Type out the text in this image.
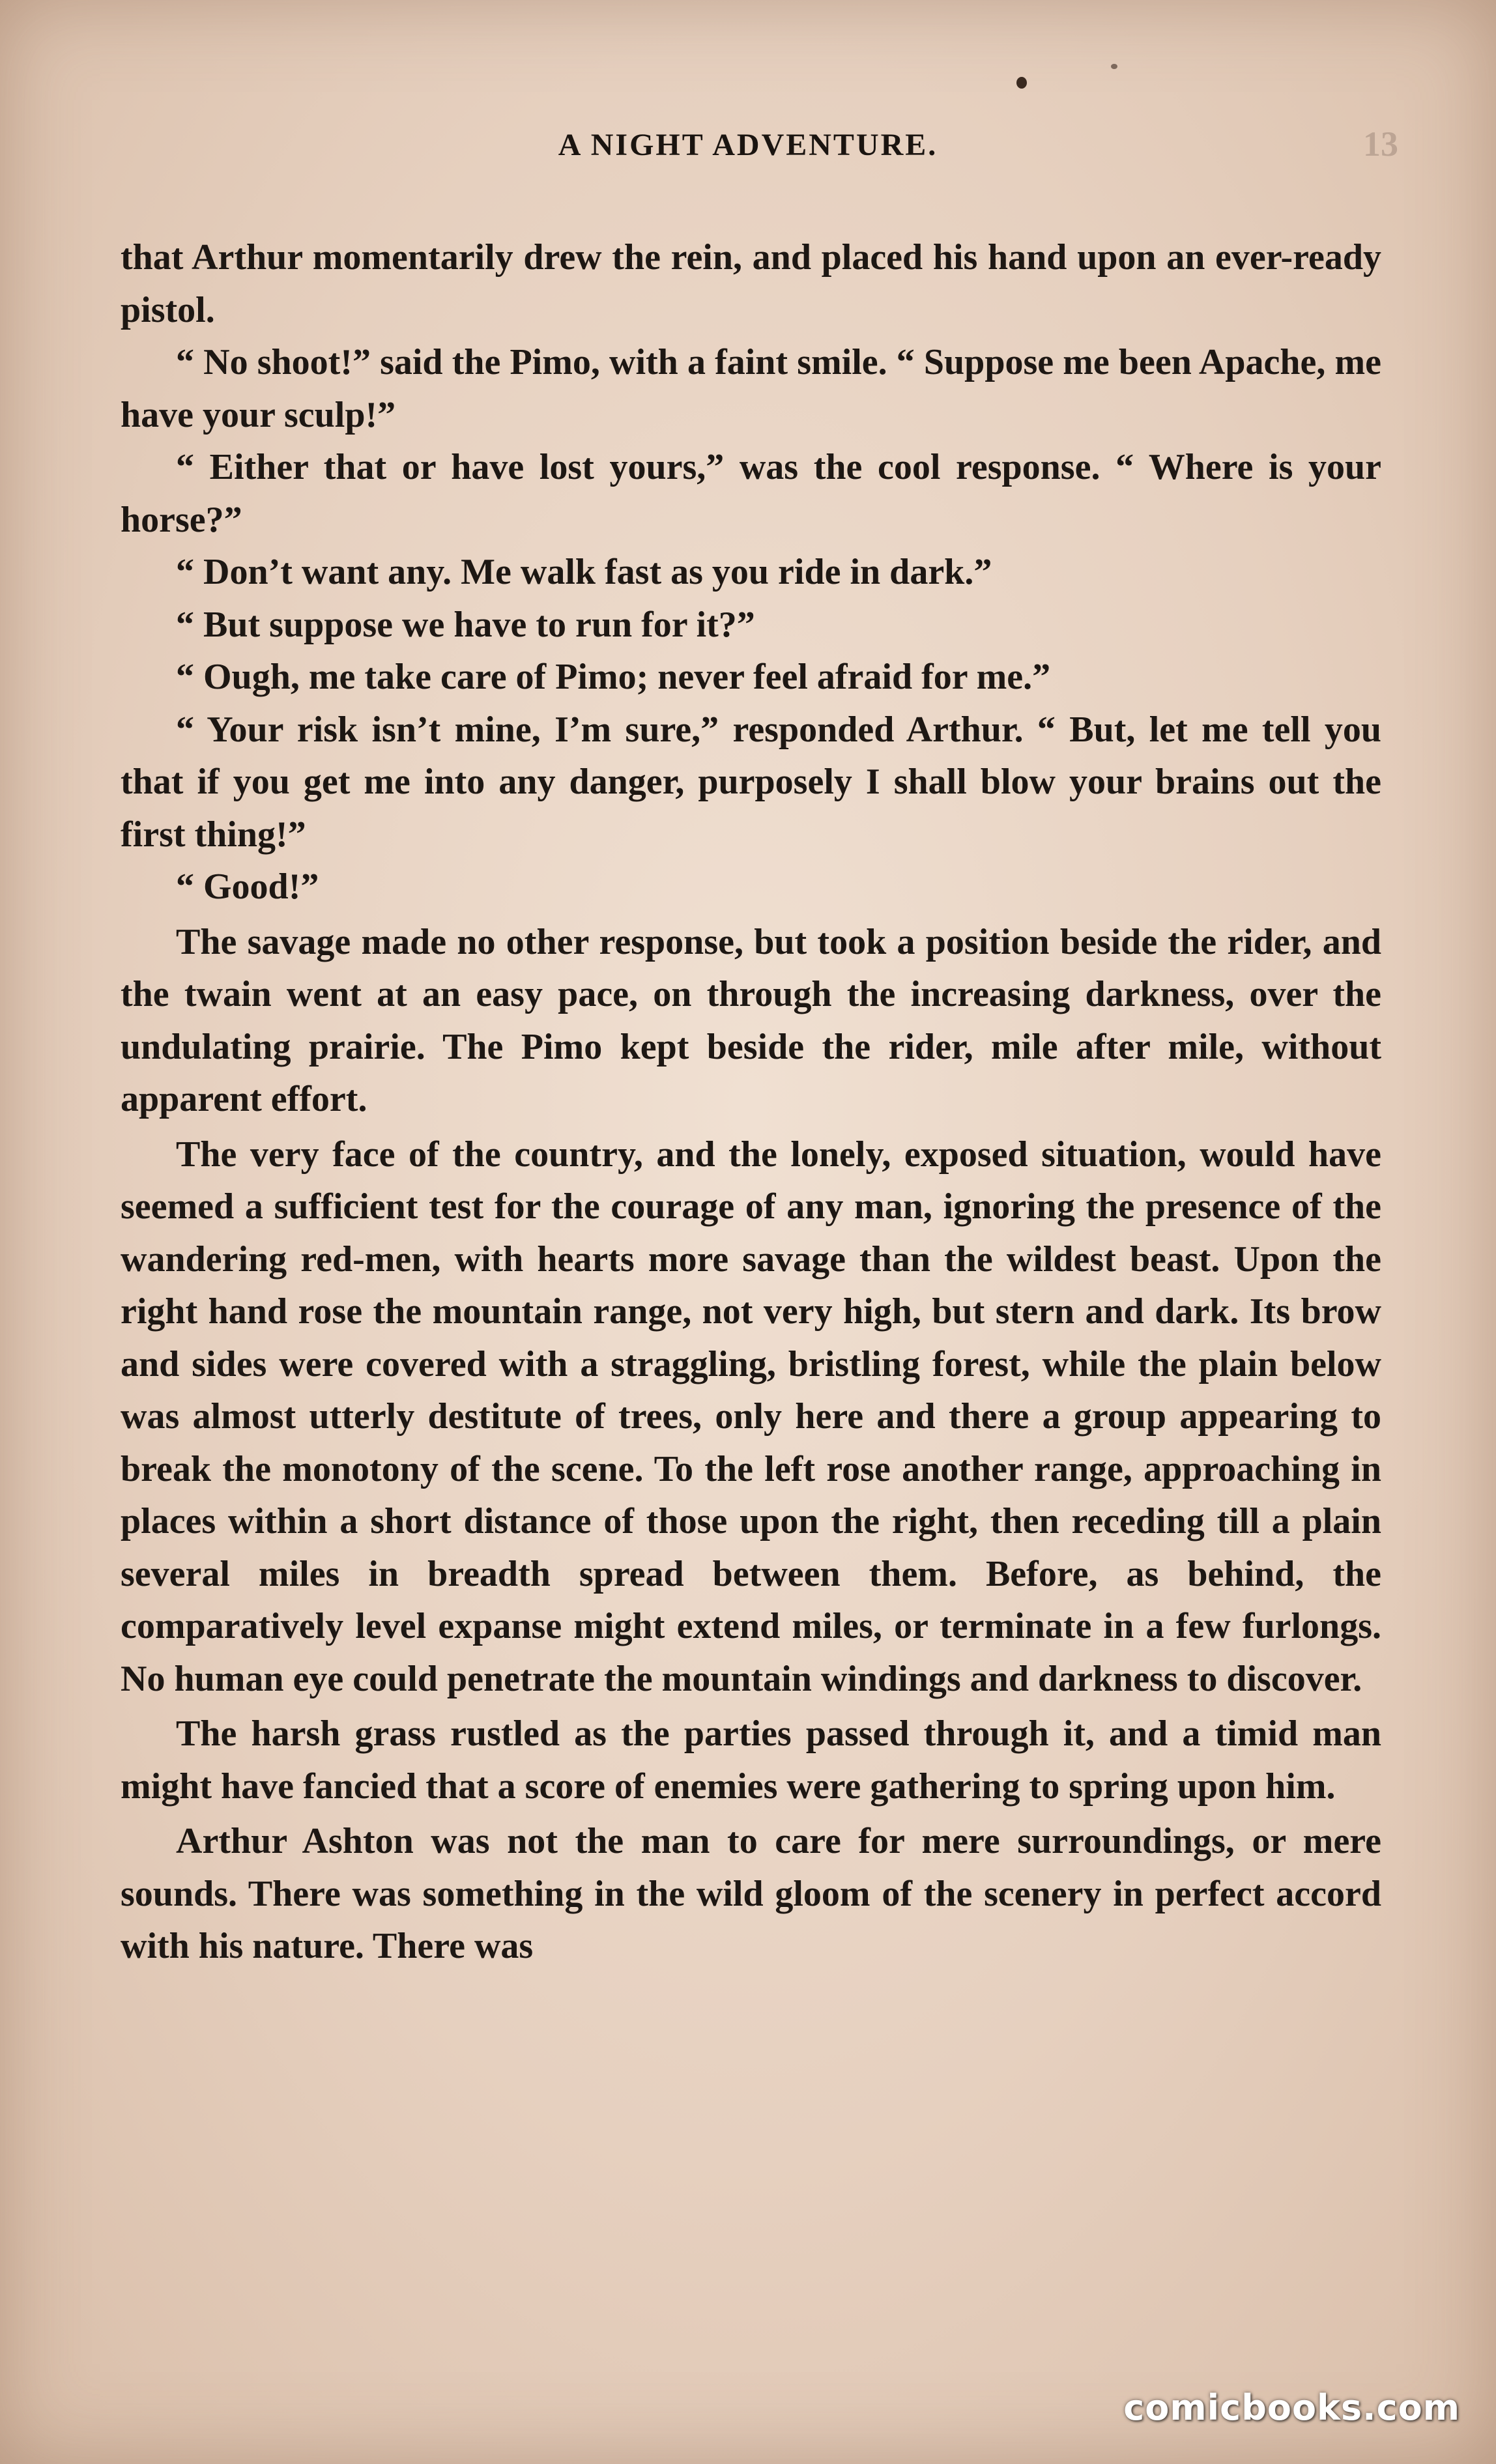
A NIGHT ADVENTURE.	13

that Arthur momentarily drew the rein, and placed his hand upon an ever-ready pistol.

“ No shoot!” said the Pimo, with a faint smile. “ Suppose me been Apache, me have your sculp!”

“ Either that or have lost yours,” was the cool response. “ Where is your horse?”

“ Don’t want any. Me walk fast as you ride in dark.”

“ But suppose we have to run for it?”

“ Ough, me take care of Pimo; never feel afraid for me.”

“ Your risk isn’t mine, I’m sure,” responded Arthur. “ But, let me tell you that if you get me into any danger, purposely I shall blow your brains out the first thing!”

“ Good!”

The savage made no other response, but took a position beside the rider, and the twain went at an easy pace, on through the increasing darkness, over the undulating prairie. The Pimo kept beside the rider, mile after mile, without apparent effort.

The very face of the country, and the lonely, exposed situation, would have seemed a sufficient test for the courage of any man, ignoring the presence of the wandering red-men, with hearts more savage than the wildest beast. Upon the right hand rose the mountain range, not very high, but stern and dark. Its brow and sides were covered with a straggling, bristling forest, while the plain below was almost utterly destitute of trees, only here and there a group appearing to break the monotony of the scene. To the left rose another range, approaching in places within a short distance of those upon the right, then receding till a plain several miles in breadth spread between them. Before, as behind, the comparatively level expanse might extend miles, or terminate in a few furlongs. No human eye could penetrate the mountain windings and darkness to discover.

The harsh grass rustled as the parties passed through it, and a timid man might have fancied that a score of enemies were gathering to spring upon him.

Arthur Ashton was not the man to care for mere surroundings, or mere sounds. There was something in the wild gloom of the scenery in perfect accord with his nature. There was

comicbooks.com
